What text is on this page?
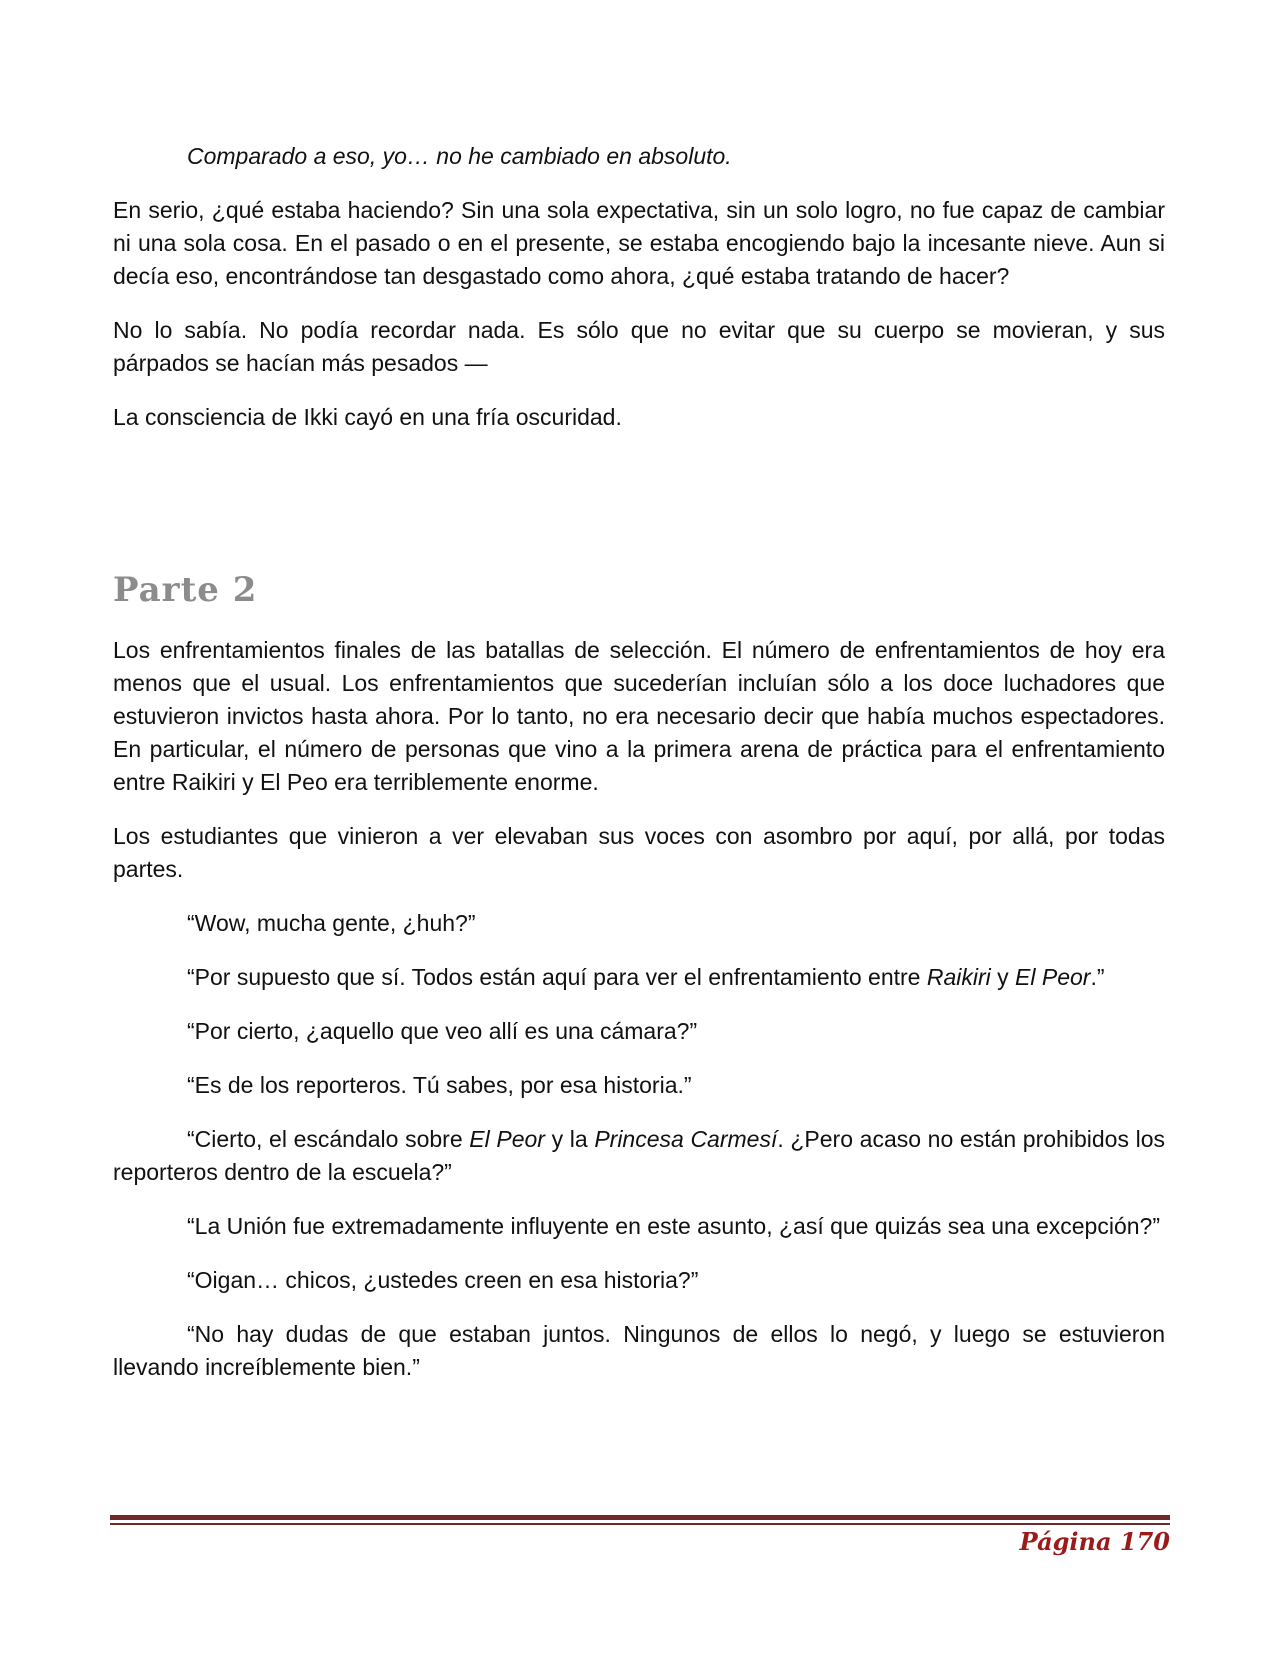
Comparado a eso, yo… no he cambiado en absoluto.

En serio, ¿qué estaba haciendo? Sin una sola expectativa, sin un solo logro, no fue capaz de cambiar ni una sola cosa. En el pasado o en el presente, se estaba encogiendo bajo la incesante nieve. Aun si decía eso, encontrándose tan desgastado como ahora, ¿qué estaba tratando de hacer?

No lo sabía. No podía recordar nada. Es sólo que no evitar que su cuerpo se movieran, y sus párpados se hacían más pesados —

La consciencia de Ikki cayó en una fría oscuridad.

Parte 2

Los enfrentamientos finales de las batallas de selección. El número de enfrentamientos de hoy era menos que el usual. Los enfrentamientos que sucederían incluían sólo a los doce luchadores que estuvieron invictos hasta ahora. Por lo tanto, no era necesario decir que había muchos espectadores. En particular, el número de personas que vino a la primera arena de práctica para el enfrentamiento entre Raikiri y El Peo era terriblemente enorme.

Los estudiantes que vinieron a ver elevaban sus voces con asombro por aquí, por allá, por todas partes.

“Wow, mucha gente, ¿huh?”

“Por supuesto que sí. Todos están aquí para ver el enfrentamiento entre Raikiri y El Peor.”

“Por cierto, ¿aquello que veo allí es una cámara?”

“Es de los reporteros. Tú sabes, por esa historia.”

“Cierto, el escándalo sobre El Peor y la Princesa Carmesí. ¿Pero acaso no están prohibidos los reporteros dentro de la escuela?”

“La Unión fue extremadamente influyente en este asunto, ¿así que quizás sea una excepción?”

“Oigan… chicos, ¿ustedes creen en esa historia?”

“No hay dudas de que estaban juntos. Ningunos de ellos lo negó, y luego se estuvieron llevando increíblemente bien.”

Página 170
